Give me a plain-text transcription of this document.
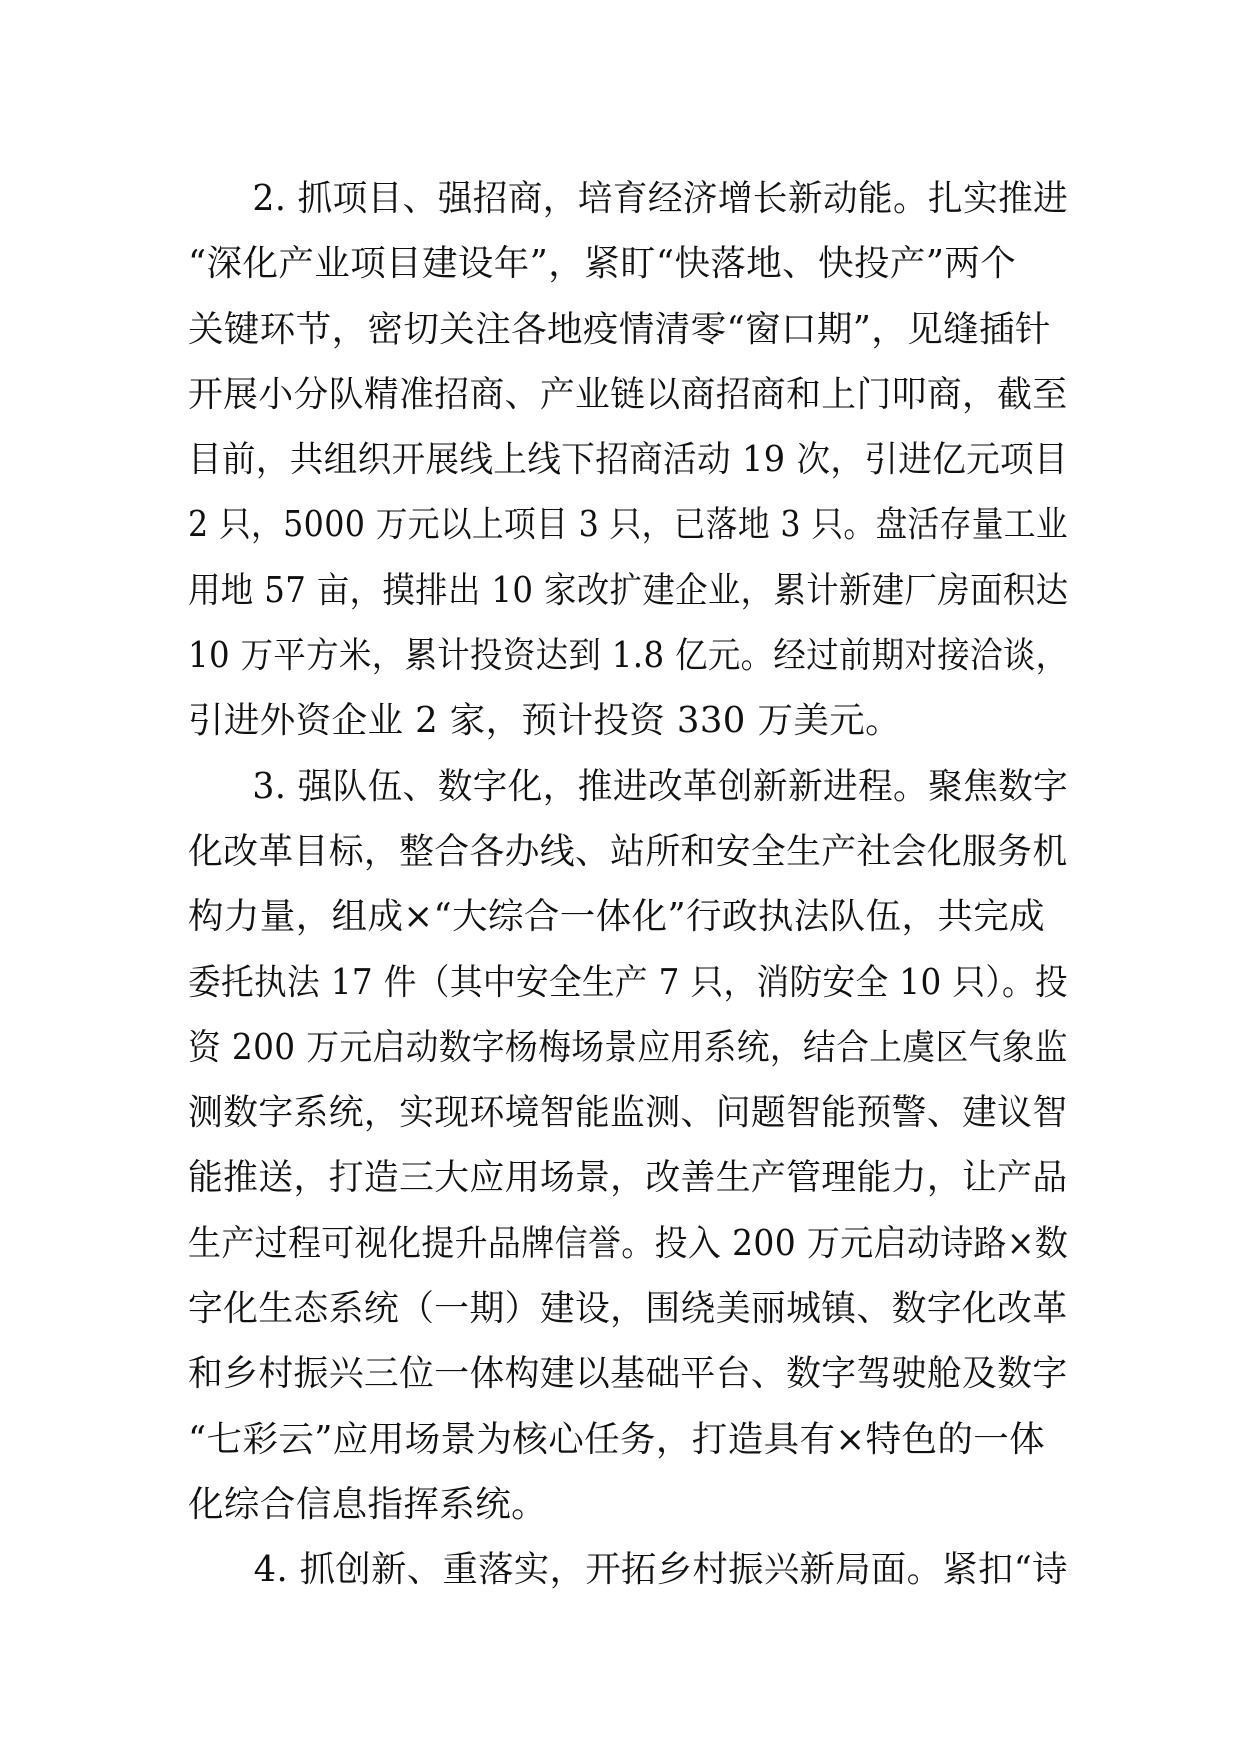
2. 抓项目、强招商，培育经济增长新动能。扎实推进
“深化产业项目建设年”，紧盯“快落地、快投产”两个
关键环节，密切关注各地疫情清零“窗口期”，见缝插针
开展小分队精准招商、产业链以商招商和上门叩商，截至
目前，共组织开展线上线下招商活动 19 次，引进亿元项目
2 只，5000 万元以上项目 3 只，已落地 3 只。盘活存量工业
用地 57 亩，摸排出 10 家改扩建企业，累计新建厂房面积达
10 万平方米，累计投资达到 1.8 亿元。经过前期对接洽谈，
引进外资企业 2 家，预计投资 330 万美元。

3. 强队伍、数字化，推进改革创新新进程。聚焦数字
化改革目标，整合各办线、站所和安全生产社会化服务机
构力量，组成×“大综合一体化”行政执法队伍，共完成
委托执法 17 件（其中安全生产 7 只，消防安全 10 只）。投
资 200 万元启动数字杨梅场景应用系统，结合上虞区气象监
测数字系统，实现环境智能监测、问题智能预警、建议智
能推送，打造三大应用场景，改善生产管理能力，让产品
生产过程可视化提升品牌信誉。投入 200 万元启动诗路×数
字化生态系统（一期）建设，围绕美丽城镇、数字化改革
和乡村振兴三位一体构建以基础平台、数字驾驶舱及数字
“七彩云”应用场景为核心任务，打造具有×特色的一体
化综合信息指挥系统。

4. 抓创新、重落实，开拓乡村振兴新局面。紧扣“诗
